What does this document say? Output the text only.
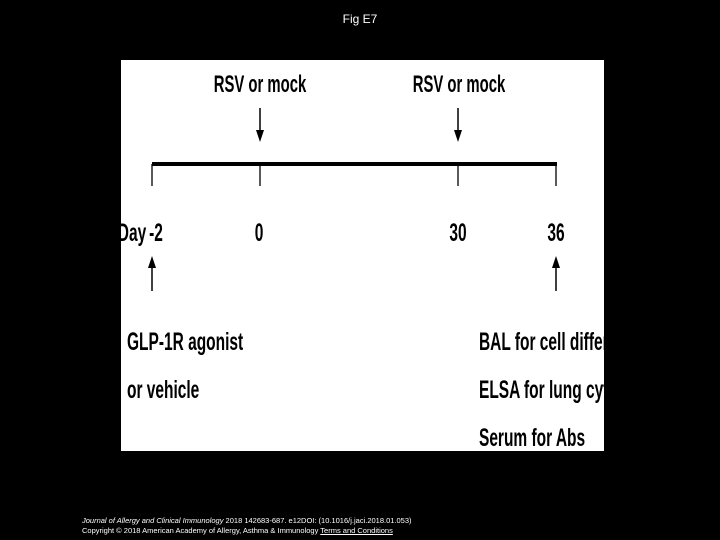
Fig E7
RSV or mock	RSV or mock
Day -2	0	30	36
GLP-1R agonist
or vehicle
BAL for cell differentials
ELSA for lung cytokines
Serum for Abs
Journal of Allergy and Clinical Immunology 2018 142683-687. e12DOI: (10.1016/j.jaci.2018.01.053)
Copyright © 2018 American Academy of Allergy, Asthma & Immunology Terms and Conditions
